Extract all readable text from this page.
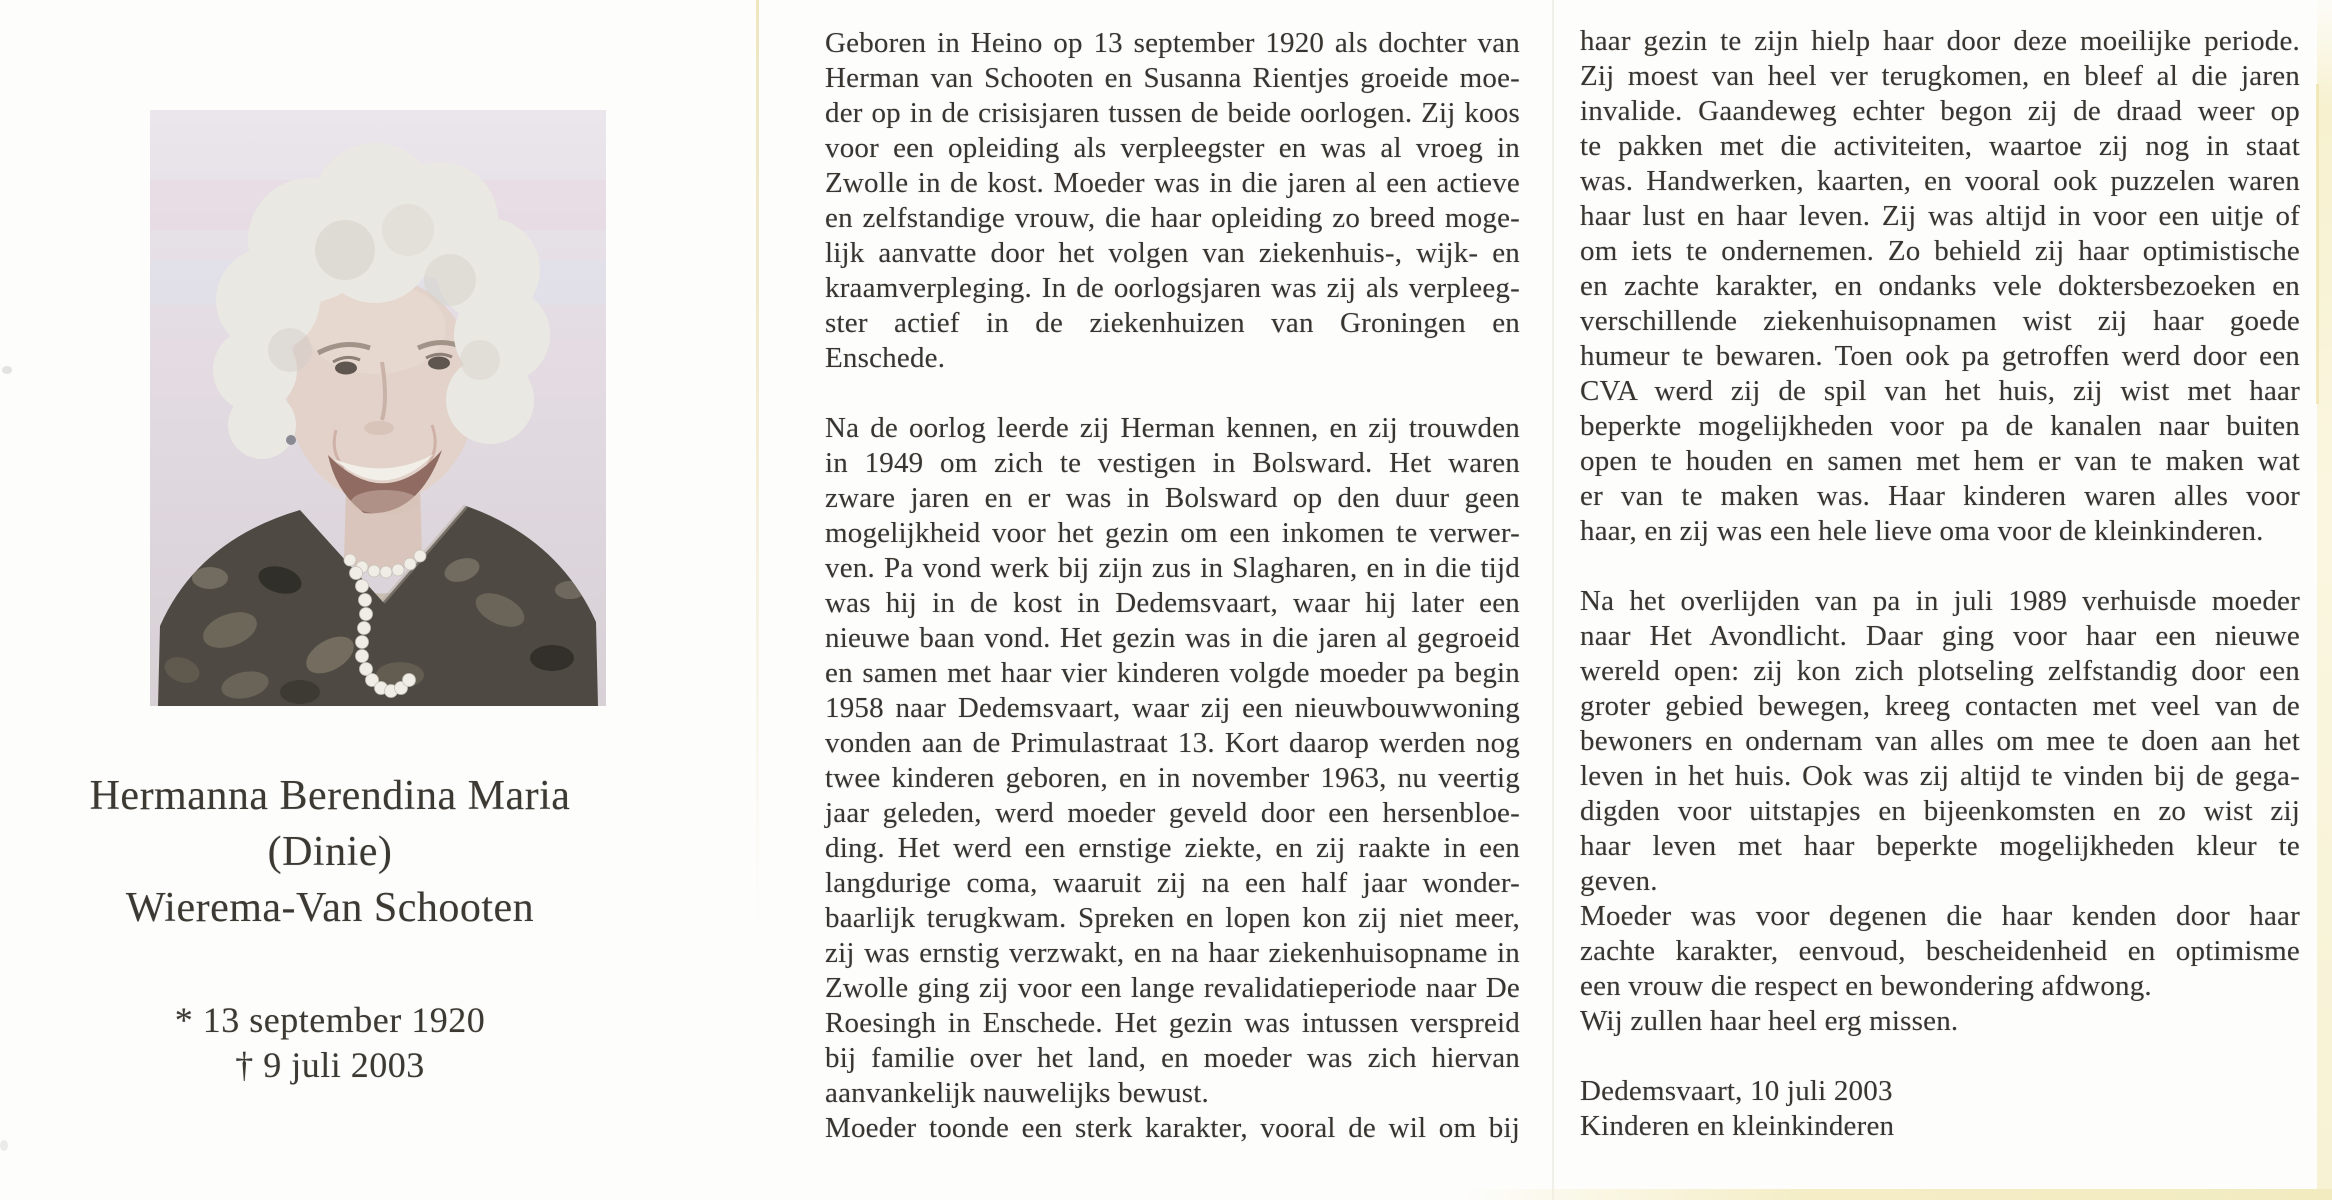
Hermanna Berendina Maria
(Dinie)
Wierema-Van Schooten
* 13 september 1920
† 9 juli 2003
Geboren in Heino op 13 september 1920 als dochter van
Herman van Schooten en Susanna Rientjes groeide moe-
der op in de crisisjaren tussen de beide oorlogen. Zij koos
voor een opleiding als verpleegster en was al vroeg in
Zwolle in de kost. Moeder was in die jaren al een actieve
en zelfstandige vrouw, die haar opleiding zo breed moge-
lijk aanvatte door het volgen van ziekenhuis-, wijk- en
kraamverpleging. In de oorlogsjaren was zij als verpleeg-
ster actief in de ziekenhuizen van Groningen en
Enschede.
Na de oorlog leerde zij Herman kennen, en zij trouwden
in 1949 om zich te vestigen in Bolsward. Het waren
zware jaren en er was in Bolsward op den duur geen
mogelijkheid voor het gezin om een inkomen te verwer-
ven. Pa vond werk bij zijn zus in Slagharen, en in die tijd
was hij in de kost in Dedemsvaart, waar hij later een
nieuwe baan vond. Het gezin was in die jaren al gegroeid
en samen met haar vier kinderen volgde moeder pa begin
1958 naar Dedemsvaart, waar zij een nieuwbouwwoning
vonden aan de Primulastraat 13. Kort daarop werden nog
twee kinderen geboren, en in november 1963, nu veertig
jaar geleden, werd moeder geveld door een hersenbloe-
ding. Het werd een ernstige ziekte, en zij raakte in een
langdurige coma, waaruit zij na een half jaar wonder-
baarlijk terugkwam. Spreken en lopen kon zij niet meer,
zij was ernstig verzwakt, en na haar ziekenhuisopname in
Zwolle ging zij voor een lange revalidatieperiode naar De
Roesingh in Enschede. Het gezin was intussen verspreid
bij familie over het land, en moeder was zich hiervan
aanvankelijk nauwelijks bewust.
Moeder toonde een sterk karakter, vooral de wil om bij
haar gezin te zijn hielp haar door deze moeilijke periode.
Zij moest van heel ver terugkomen, en bleef al die jaren
invalide. Gaandeweg echter begon zij de draad weer op
te pakken met die activiteiten, waartoe zij nog in staat
was. Handwerken, kaarten, en vooral ook puzzelen waren
haar lust en haar leven. Zij was altijd in voor een uitje of
om iets te ondernemen. Zo behield zij haar optimistische
en zachte karakter, en ondanks vele doktersbezoeken en
verschillende ziekenhuisopnamen wist zij haar goede
humeur te bewaren. Toen ook pa getroffen werd door een
CVA werd zij de spil van het huis, zij wist met haar
beperkte mogelijkheden voor pa de kanalen naar buiten
open te houden en samen met hem er van te maken wat
er van te maken was. Haar kinderen waren alles voor
haar, en zij was een hele lieve oma voor de kleinkinderen.
Na het overlijden van pa in juli 1989 verhuisde moeder
naar Het Avondlicht. Daar ging voor haar een nieuwe
wereld open: zij kon zich plotseling zelfstandig door een
groter gebied bewegen, kreeg contacten met veel van de
bewoners en ondernam van alles om mee te doen aan het
leven in het huis. Ook was zij altijd te vinden bij de gega-
digden voor uitstapjes en bijeenkomsten en zo wist zij
haar leven met haar beperkte mogelijkheden kleur te
geven.
Moeder was voor degenen die haar kenden door haar
zachte karakter, eenvoud, bescheidenheid en optimisme
een vrouw die respect en bewondering afdwong.
Wij zullen haar heel erg missen.
Dedemsvaart, 10 juli 2003
Kinderen en kleinkinderen
